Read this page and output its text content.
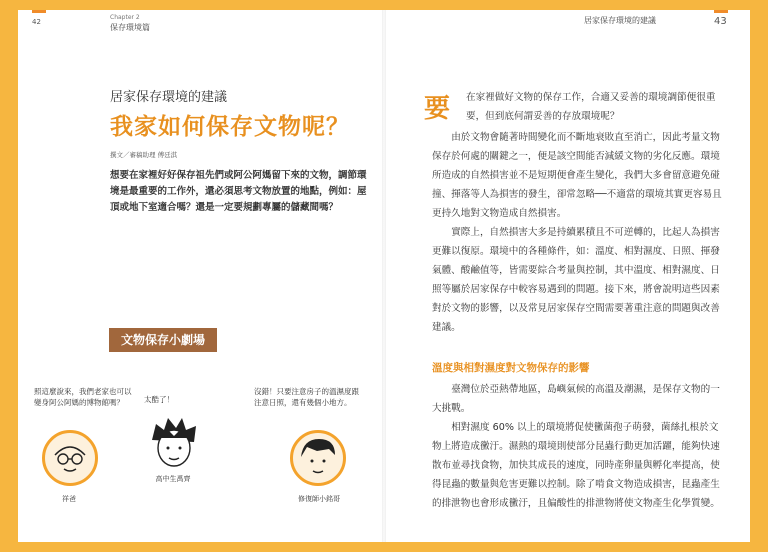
42
Chapter 2
保存環境篇
居家保存環境的建議
我家如何保存文物呢？
撰文／審稿助理 傅廷淇
想要在家裡好好保存祖先們或阿公阿媽留下來的文物，調節環境是最重要的工作外，還必須思考文物放置的地點，例如：屋頂或地下室適合嗎？還是一定要規劃專屬的儲藏間嗎？
文物保存小劇場
照這麼說來，我們老家也可以變身阿公阿媽的博物館嗎？
祥爸
太酷了！
高中生禹齊
沒錯！只要注意房子的溫濕度跟注意日照，還有幾個小地方。
修復師小銘哥
居家保存環境的建議	43
要 在家裡做好文物的保存工作，合適又妥善的環境調節便很重要，但到底何謂妥善的存放環境呢？

由於文物會隨著時間變化而不斷地衰敗直至消亡，因此考量文物保存於何處的關鍵之一，便是該空間能否減緩文物的劣化反應。環境所造成的自然損害並不是短期便會產生變化，我們大多會留意避免碰撞、揮落等人為損害的發生，卻常忽略──不適當的環境其實更容易且更持久地對文物造成自然損害。

實際上，自然損害大多是持續累積且不可逆轉的，比起人為損害更難以復原。環境中的各種條件，如：溫度、相對濕度、日照、揮發氣體、酸鹼值等，皆需要綜合考量與控制，其中溫度、相對濕度、日照等屬於居家保存中較容易遇到的問題。接下來，將會說明這些因素對於文物的影響，以及常見居家保存空間需要著重注意的問題與改善建議。

溫度與相對濕度對文物保存的影響

臺灣位於亞熱帶地區，島嶼氣候的高溫及潮濕，是保存文物的一大挑戰。

相對濕度 60% 以上的環境將促使黴菌孢子萌發，菌絲扎根於文物上將造成黴汙。濕熱的環境則使部分昆蟲行動更加活躍，能夠快速散布並尋找食物，加快其成長的速度，同時產卵量與孵化率提高，使得昆蟲的數量與危害更難以控制。除了啃食文物造成損害，昆蟲產生的排泄物也會形成黴汙，且偏酸性的排泄物將使文物產生化學質變。
